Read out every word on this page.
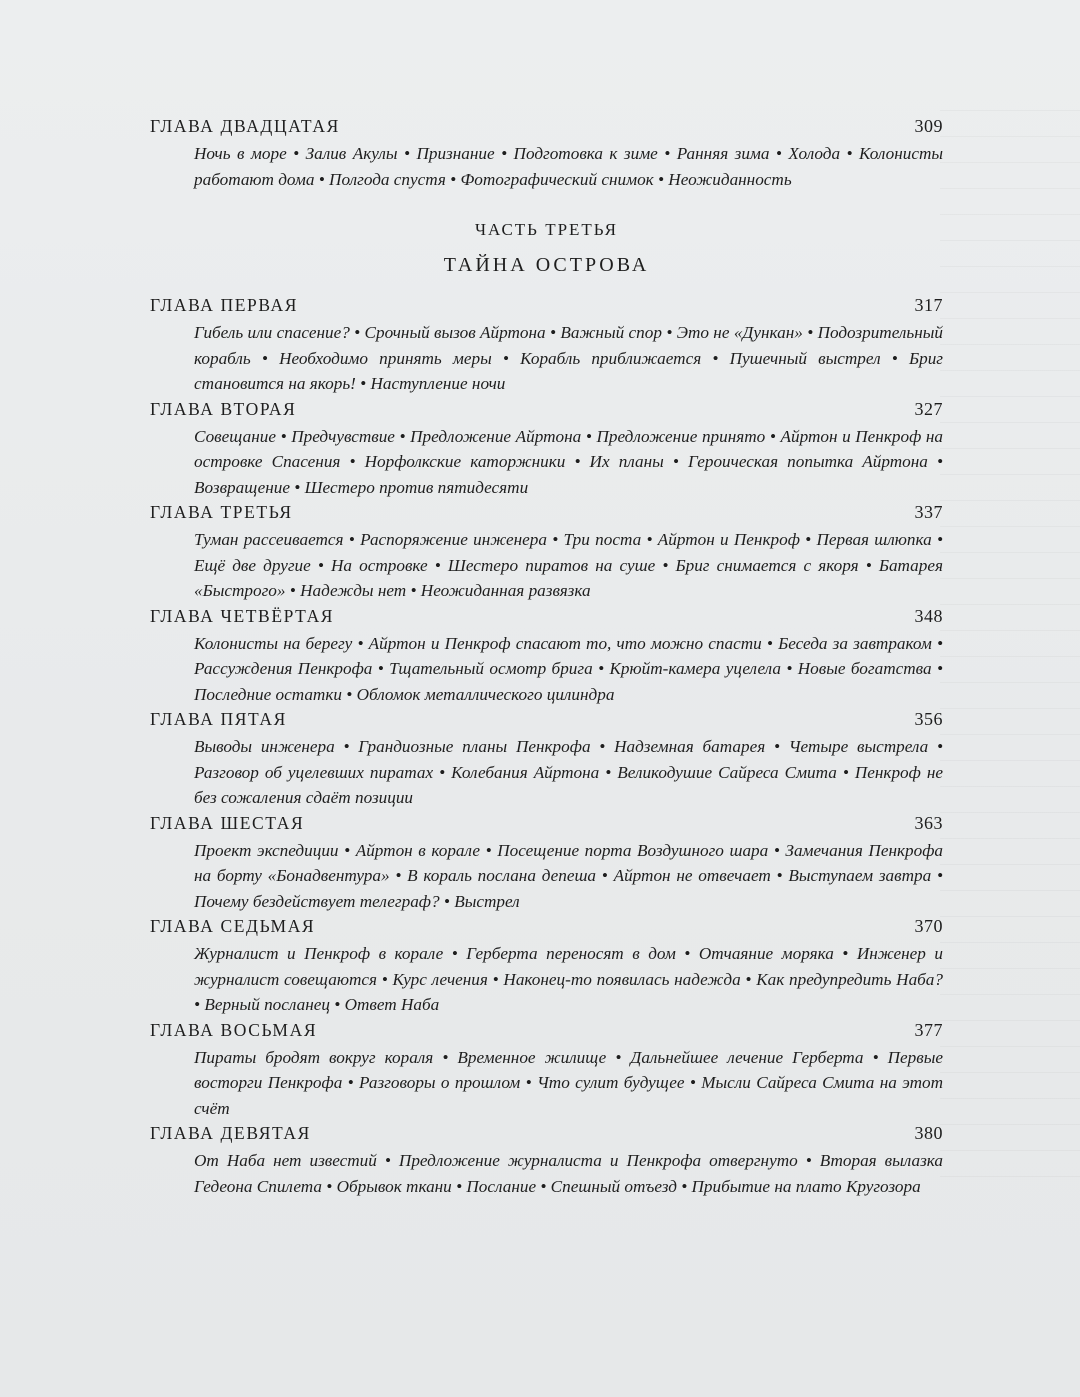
ГЛАВА ДВАДЦАТАЯ	309
Ночь в море • Залив Акулы • Признание • Подготовка к зиме • Ранняя зима • Холода • Колонисты работают дома • Полгода спустя • Фотографический снимок • Неожиданность
ЧАСТЬ ТРЕТЬЯ
ТАЙНА ОСТРОВА
ГЛАВА ПЕРВАЯ	317
Гибель или спасение? • Срочный вызов Айртона • Важный спор • Это не «Дункан» • Подозрительный корабль • Необходимо принять меры • Корабль приближается • Пушечный выстрел • Бриг становится на якорь! • Наступление ночи
ГЛАВА ВТОРАЯ	327
Совещание • Предчувствие • Предложение Айртона • Предложение принято • Айртон и Пенкроф на островке Спасения • Норфолкские каторжники • Их планы • Героическая попытка Айртона • Возвращение • Шестеро против пятидесяти
ГЛАВА ТРЕТЬЯ	337
Туман рассеивается • Распоряжение инженера • Три поста • Айртон и Пенкроф • Первая шлюпка • Ещё две другие • На островке • Шестеро пиратов на суше • Бриг снимается с якоря • Батарея «Быстрого» • Надежды нет • Неожиданная развязка
ГЛАВА ЧЕТВЁРТАЯ	348
Колонисты на берегу • Айртон и Пенкроф спасают то, что можно спасти • Беседа за завтраком • Рассуждения Пенкрофа • Тщательный осмотр брига • Крюйт-камера уцелела • Новые богатства • Последние остатки • Обломок металлического цилиндра
ГЛАВА ПЯТАЯ	356
Выводы инженера • Грандиозные планы Пенкрофа • Надземная батарея • Четыре выстрела • Разговор об уцелевших пиратах • Колебания Айртона • Великодушие Сайреса Смита • Пенкроф не без сожаления сдаёт позиции
ГЛАВА ШЕСТАЯ	363
Проект экспедиции • Айртон в корале • Посещение порта Воздушного шара • Замечания Пенкрофа на борту «Бонадвентура» • В кораль послана депеша • Айртон не отвечает • Выступаем завтра • Почему бездействует телеграф? • Выстрел
ГЛАВА СЕДЬМАЯ	370
Журналист и Пенкроф в корале • Герберта переносят в дом • Отчаяние моряка • Инженер и журналист совещаются • Курс лечения • Наконец-то появилась надежда • Как предупредить Наба? • Верный посланец • Ответ Наба
ГЛАВА ВОСЬМАЯ	377
Пираты бродят вокруг кораля • Временное жилище • Дальнейшее лечение Герберта • Первые восторги Пенкрофа • Разговоры о прошлом • Что сулит будущее • Мысли Сайреса Смита на этот счёт
ГЛАВА ДЕВЯТАЯ	380
От Наба нет известий • Предложение журналиста и Пенкрофа отвергнуто • Вторая вылазка Гедеона Спилета • Обрывок ткани • Послание • Спешный отъезд • Прибытие на плато Кругозора
